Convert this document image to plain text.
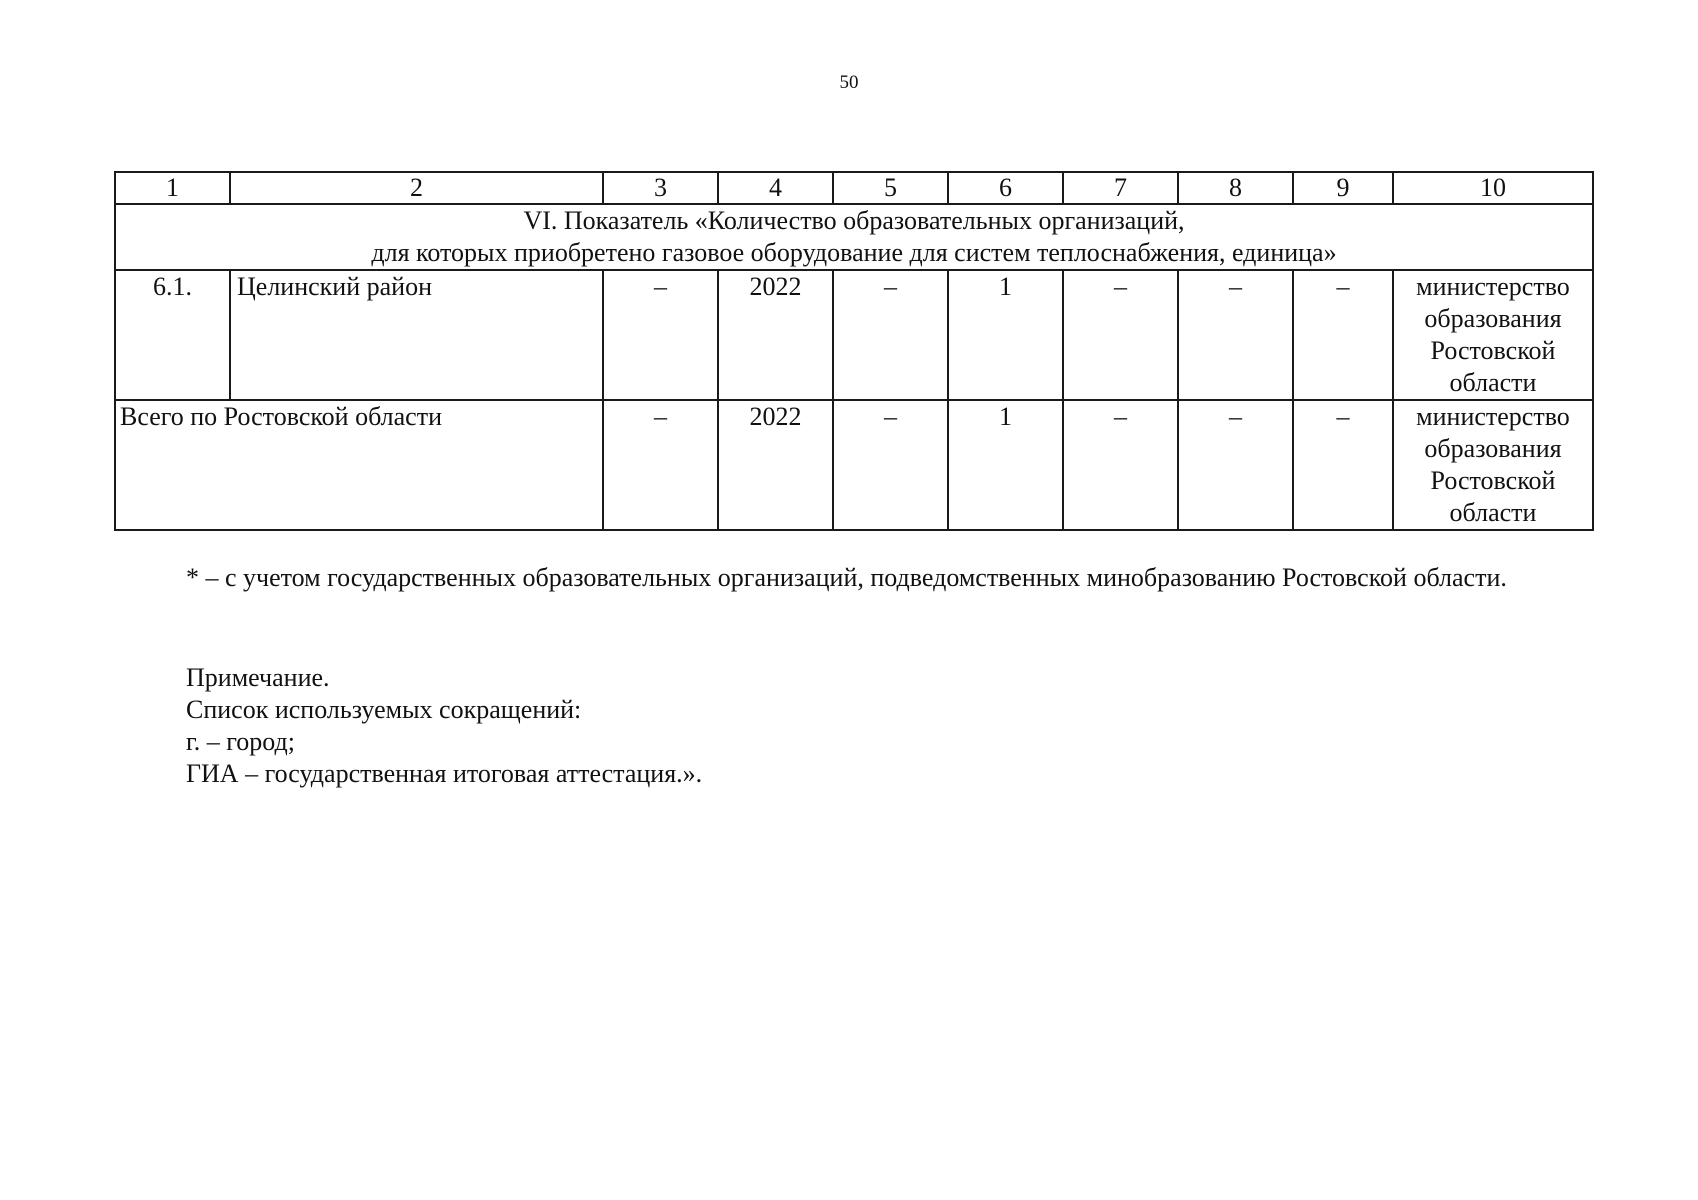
50
1	2	3	4	5	6	7	8	9	10

VI. Показатель «Количество образовательных организаций,
для которых приобретено газовое оборудование для систем теплоснабжения, единица»									

6.1.	Целинский район	–	2022	–	1	–	–	–	министерство
образования
Ростовской
области

Всего по Ростовской области		–	2022	–	1	–	–	–	министерство
образования
Ростовской
области
* – с учетом государственных образовательных организаций, подведомственных минобразованию Ростовской области.
Примечание.
Список используемых сокращений:
г. – город;
ГИА – государственная итоговая аттестация.».
